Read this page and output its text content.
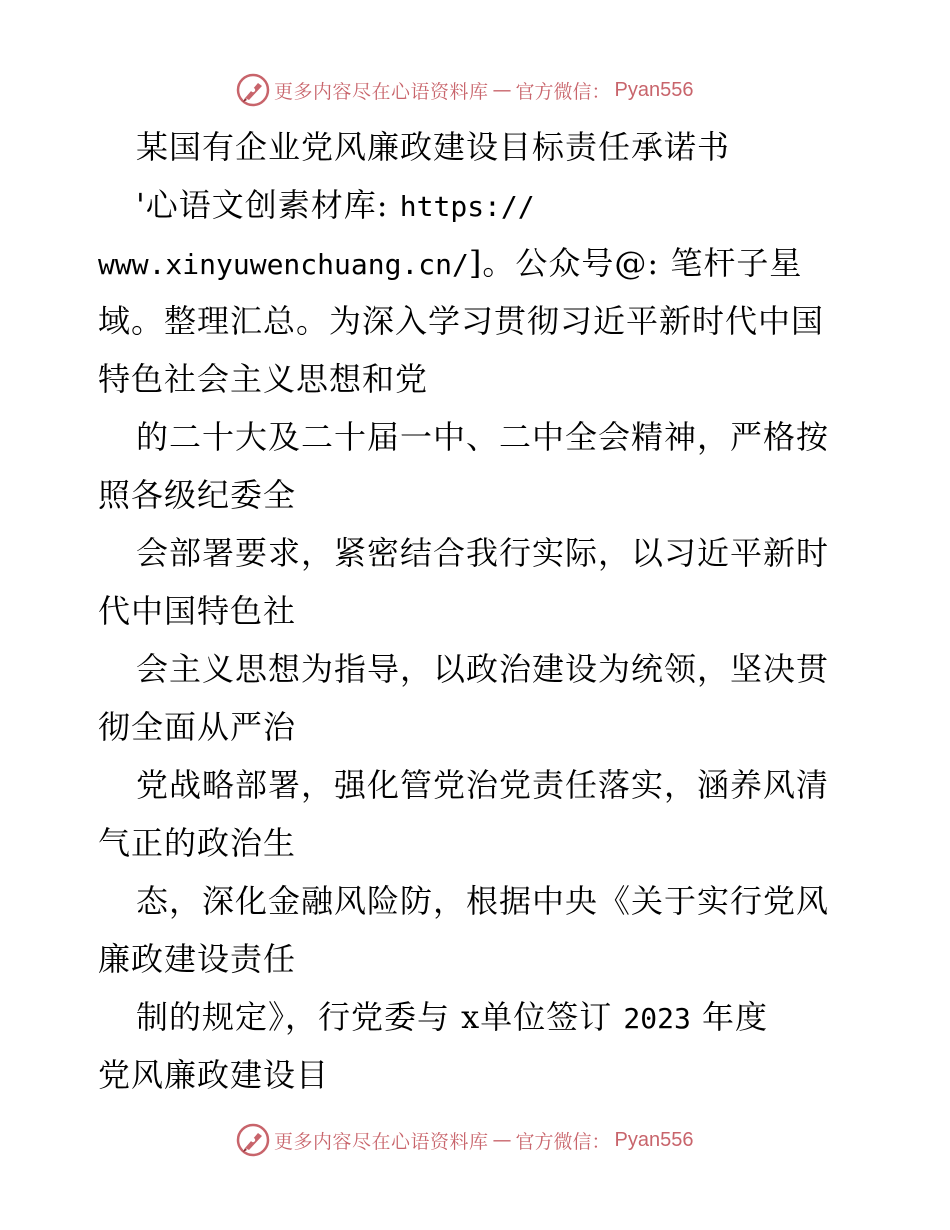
更多内容尽在心语资料库 — 官方微信： Pyan556
某国有企业党风廉政建设目标责任承诺书
'心语文创素材库: https://
www.xinyuwenchuang.cn/]。公众号@: 笔杆子星
域。整理汇总。为深入学习贯彻习近平新时代中国
特色社会主义思想和党
的二十大及二十届一中、二中全会精神，严格按
照各级纪委全
会部署要求，紧密结合我行实际，以习近平新时
代中国特色社
会主义思想为指导，以政治建设为统领，坚决贯
彻全面从严治
党战略部署，强化管党治党责任落实，涵养风清
气正的政治生
态，深化金融风险防，根据中央《关于实行党风
廉政建设责任
制的规定》，行党委与 x单位签订 2023 年度
党风廉政建设目
更多内容尽在心语资料库 — 官方微信： Pyan556
